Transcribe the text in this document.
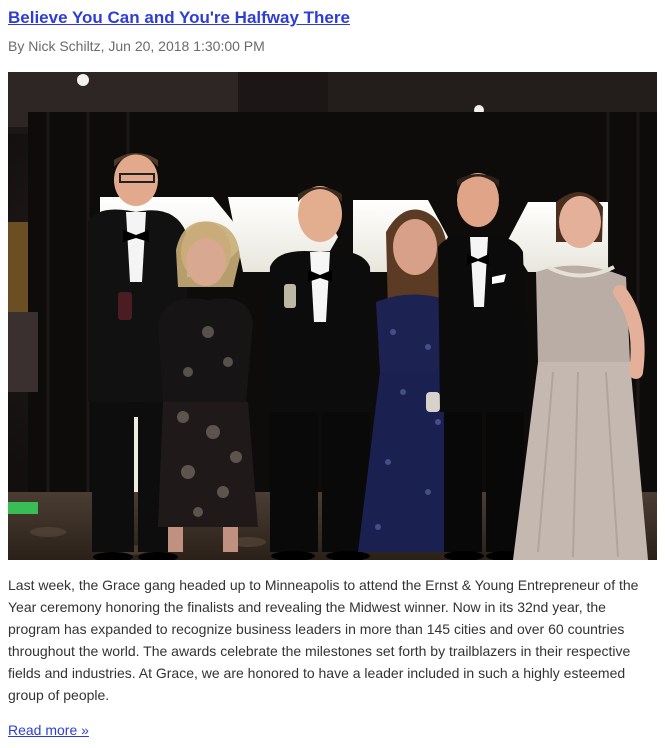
Believe You Can and You're Halfway There
By Nick Schiltz, Jun 20, 2018 1:30:00 PM

Last week, the Grace gang headed up to Minneapolis to attend the Ernst & Young Entrepreneur of the Year ceremony honoring the finalists and revealing the Midwest winner. Now in its 32nd year, the program has expanded to recognize business leaders in more than 145 cities and over 60 countries throughout the world. The awards celebrate the milestones set forth by trailblazers in their respective fields and industries. At Grace, we are honored to have a leader included in such a highly esteemed group of people.

Read more »
